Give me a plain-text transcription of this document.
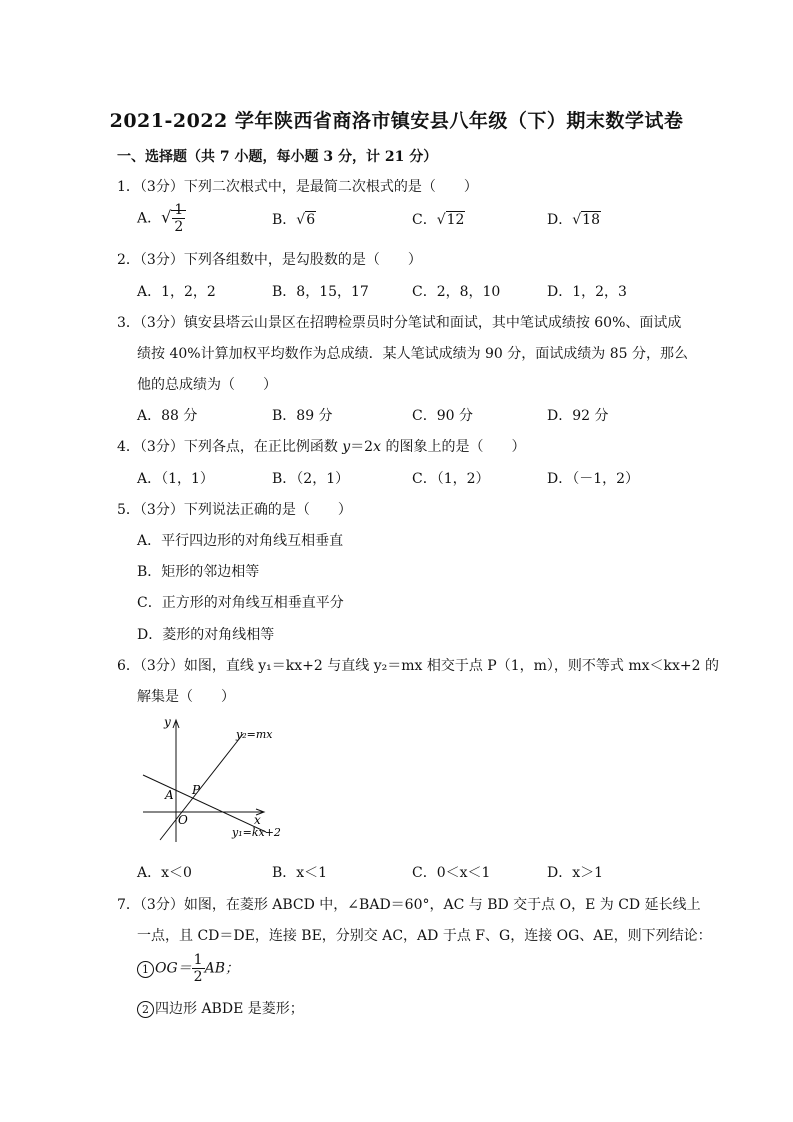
2021-2022 学年陕西省商洛市镇安县八年级（下）期末数学试卷
一、选择题（共 7 小题，每小题 3 分，计 21 分）
1．（3分）下列二次根式中，是最简二次根式的是（　　）
A．√ $\frac{1}{2}$	B．√6	C．√12	D．√18
2．（3分）下列各组数中，是勾股数的是（　　）
A．1，2，2	B．8，15，17	C．2，8，10	D．1，2，3
3．（3分）镇安县塔云山景区在招聘检票员时分笔试和面试，其中笔试成绩按 60%、面试成
绩按 40%计算加权平均数作为总成绩．某人笔试成绩为 90 分，面试成绩为 85 分，那么
他的总成绩为（　　）
A．88 分	B．89 分	C．90 分	D．92 分
4．（3分）下列各点，在正比例函数 y＝2x 的图象上的是（　　）
A．（1，1）	B．（2，1）	C．（1，2）	D．（－1，2）
5．（3分）下列说法正确的是（　　）
A．平行四边形的对角线互相垂直
B．矩形的邻边相等
C．正方形的对角线互相垂直平分
D．菱形的对角线相等
6．（3分）如图，直线 y₁＝kx+2 与直线 y₂＝mx 相交于点 P（1，m），则不等式 mx＜kx+2 的
解集是（　　）
y
x
O
A P
y₂=mx
y₁=kx+2
A．x＜0	B．x＜1	C．0＜x＜1	D．x＞1
7．（3分）如图，在菱形 ABCD 中，∠BAD＝60°，AC 与 BD 交于点 O，E 为 CD 延长线上
一点，且 CD＝DE，连接 BE，分别交 AC，AD 于点 F、G，连接 OG、AE，则下列结论：
1 $OG= \frac{1}{2}$ AB；
2 四边形 ABDE 是菱形；
